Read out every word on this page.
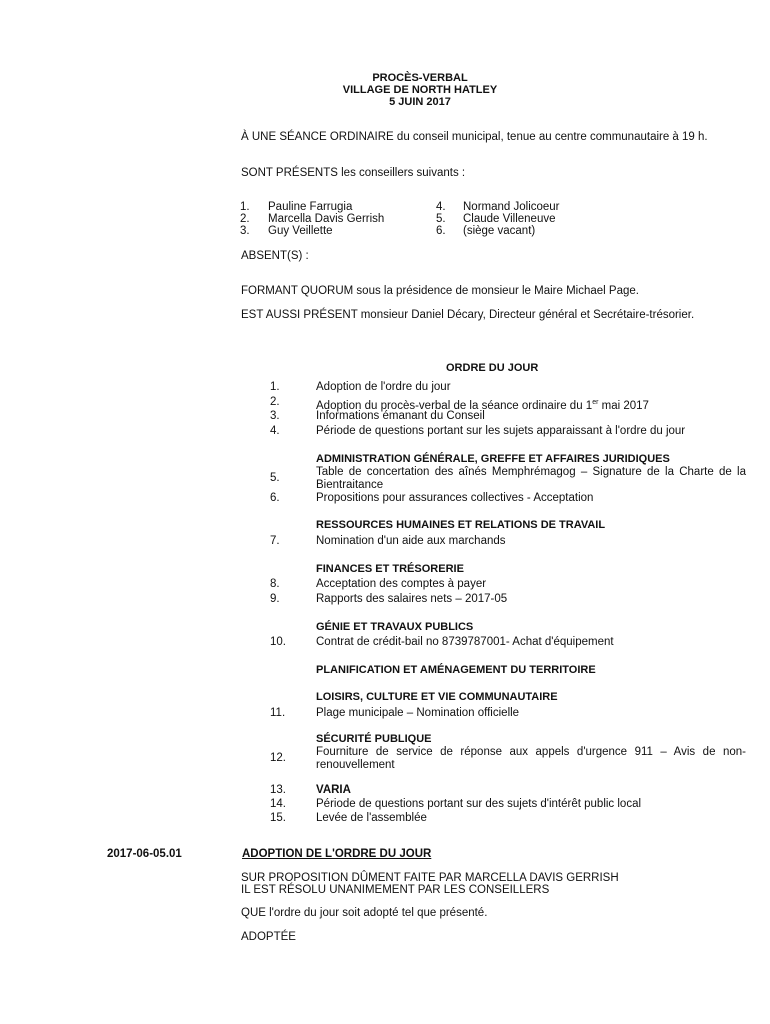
PROCÈS-VERBAL
VILLAGE DE NORTH HATLEY
5 JUIN 2017
À UNE SÉANCE ORDINAIRE du conseil municipal, tenue au centre communautaire à 19 h.
SONT PRÉSENTS les conseillers suivants :
1. Pauline Farrugia
2. Marcella Davis Gerrish
3. Guy Veillette
4. Normand Jolicoeur
5. Claude Villeneuve
6. (siège vacant)
ABSENT(S) :
FORMANT QUORUM sous la présidence de monsieur le Maire Michael Page.
EST AUSSI PRÉSENT monsieur Daniel Décary, Directeur général et Secrétaire-trésorier.
ORDRE DU JOUR
1.	Adoption de l'ordre du jour
2.	Adoption du procès-verbal de la séance ordinaire du 1er mai 2017
3.	Informations émanant du Conseil
4.	Période de questions portant sur les sujets apparaissant à l'ordre du jour
ADMINISTRATION GÉNÉRALE, GREFFE ET AFFAIRES JURIDIQUES
5.	Table de concertation des aînés Memphrémagog – Signature de la Charte de la Bientraitance
6.	Propositions pour assurances collectives - Acceptation
RESSOURCES HUMAINES ET RELATIONS DE TRAVAIL
7.	Nomination d'un aide aux marchands
FINANCES ET TRÉSORERIE
8.	Acceptation des comptes à payer
9.	Rapports des salaires nets – 2017-05
GÉNIE ET TRAVAUX PUBLICS
10.	Contrat de crédit-bail no 8739787001- Achat d'équipement
PLANIFICATION ET AMÉNAGEMENT DU TERRITOIRE
LOISIRS, CULTURE ET VIE COMMUNAUTAIRE
11.	Plage municipale – Nomination officielle
SÉCURITÉ PUBLIQUE
12.	Fourniture de service de réponse aux appels d'urgence 911 – Avis de non-renouvellement
13.	VARIA
14.	Période de questions portant sur des sujets d'intérêt public local
15.	Levée de l'assemblée
2017-06-05.01	ADOPTION DE L'ORDRE DU JOUR
SUR PROPOSITION DÛMENT FAITE PAR MARCELLA DAVIS GERRISH
IL EST RÉSOLU UNANIMEMENT PAR LES CONSEILLERS
QUE l'ordre du jour soit adopté tel que présenté.
ADOPTÉE
